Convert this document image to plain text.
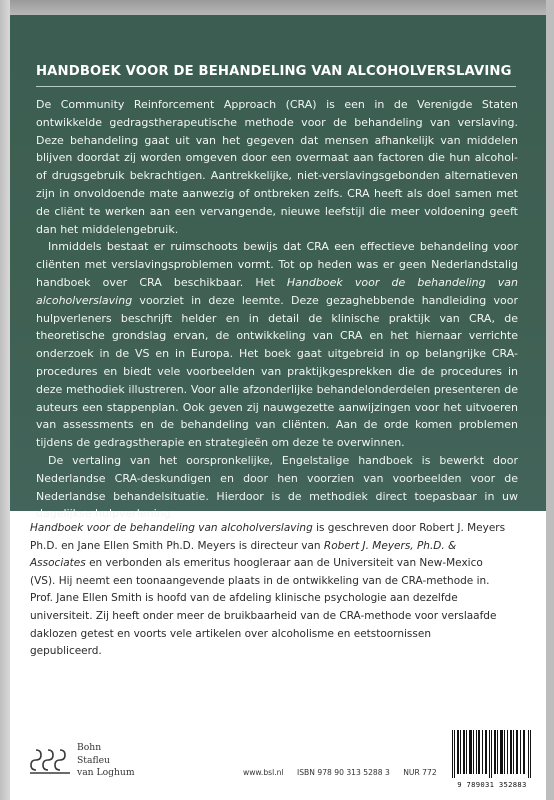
HANDBOEK VOOR DE BEHANDELING VAN ALCOHOLVERSLAVING

De Community Reinforcement Approach (CRA) is een in de Verenigde Staten ontwikkelde gedragstherapeutische methode voor de behandeling van verslaving. Deze behandeling gaat uit van het gegeven dat mensen afhankelijk van middelen blijven doordat zij worden omgeven door een overmaat aan factoren die hun alcohol- of drugsgebruik bekrachtigen. Aantrekkelijke, niet-verslavingsgebonden alternatieven zijn in onvoldoende mate aanwezig of ontbreken zelfs. CRA heeft als doel samen met de cliënt te werken aan een vervangende, nieuwe leefstijl die meer voldoening geeft dan het middelengebruik.

Inmiddels bestaat er ruimschoots bewijs dat CRA een effectieve behandeling voor cliënten met verslavingsproblemen vormt. Tot op heden was er geen Nederlandstalig handboek over CRA beschikbaar. Het Handboek voor de behandeling van alcoholverslaving voorziet in deze leemte. Deze gezaghebbende handleiding voor hulpverleners beschrijft helder en in detail de klinische praktijk van CRA, de theoretische grondslag ervan, de ontwikkeling van CRA en het hiernaar verrichte onderzoek in de VS en in Europa. Het boek gaat uitgebreid in op belangrijke CRA-procedures en biedt vele voorbeelden van praktijkgesprekken die de procedures in deze methodiek illustreren. Voor alle afzonderlijke behandelonderdelen presenteren de auteurs een stappenplan. Ook geven zij nauwgezette aanwijzingen voor het uitvoeren van assessments en de behandeling van cliënten. Aan de orde komen problemen tijdens de gedragstherapie en strategieën om deze te overwinnen.

De vertaling van het oorspronkelijke, Engelstalige handboek is bewerkt door Nederlandse CRA-deskundigen en door hen voorzien van voorbeelden voor de Nederlandse behandelsituatie. Hierdoor is de methodiek direct toepasbaar in uw dagelijkse hulpverlening.

Handboek voor de behandeling van alcoholverslaving is geschreven door Robert J. Meyers Ph.D. en Jane Ellen Smith Ph.D. Meyers is directeur van Robert J. Meyers, Ph.D. & Associates en verbonden als emeritus hoogleraar aan de Universiteit van New-Mexico (VS). Hij neemt een toonaangevende plaats in de ontwikkeling van de CRA-methode in. Prof. Jane Ellen Smith is hoofd van de afdeling klinische psychologie aan dezelfde universiteit. Zij heeft onder meer de bruikbaarheid van de CRA-methode voor verslaafde daklozen getest en voorts vele artikelen over alcoholisme en eetstoornissen gepubliceerd.

Bohn
Stafleu
van Loghum	www.bsl.nl ISBN 978 90 313 5288 3 NUR 772
9 789031 352883
